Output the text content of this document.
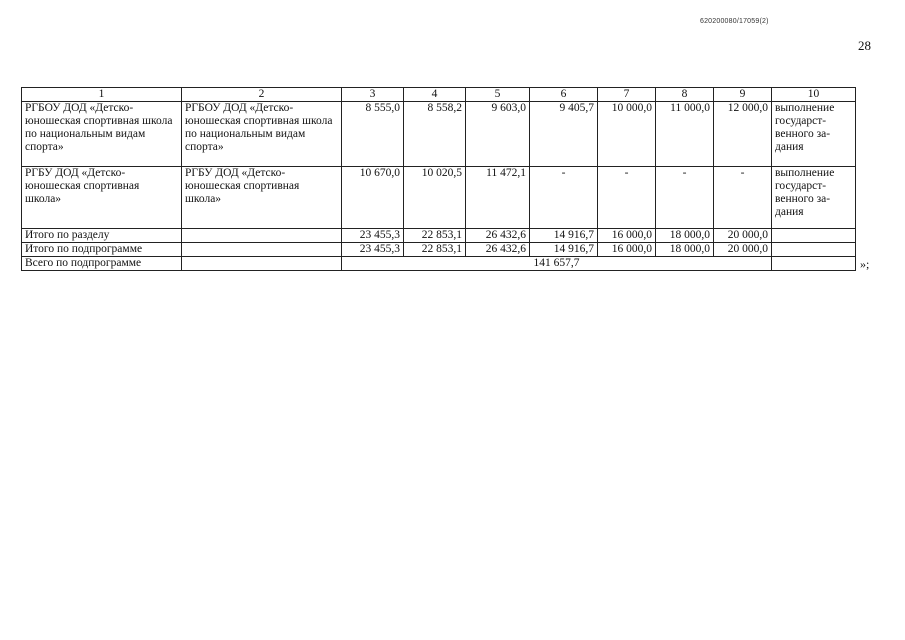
620200080/17059(2)
28
1	2	3	4	5	6	7	8	9	10
РГБОУ ДОД «Детско-юношеская спортивная школа по национальным видам спорта»	РГБОУ ДОД «Детско-юношеская спортивная школа по национальным видам спорта»	8 555,0	8 558,2	9 603,0	9 405,7	10 000,0	11 000,0	12 000,0	выполнение государст-венного за-дания
РГБУ ДОД «Детско-юношеская спортивная школа»	РГБУ ДОД «Детско-юношеская спортивная школа»	10 670,0	10 020,5	11 472,1	-	-	-	-	выполнение государст-венного за-дания
Итого по разделу		23 455,3	22 853,1	26 432,6	14 916,7	16 000,0	18 000,0	20 000,0	
Итого по подпрограмме		23 455,3	22 853,1	26 432,6	14 916,7	16 000,0	18 000,0	20 000,0	
Всего по подпрограмме		141 657,7								»;
